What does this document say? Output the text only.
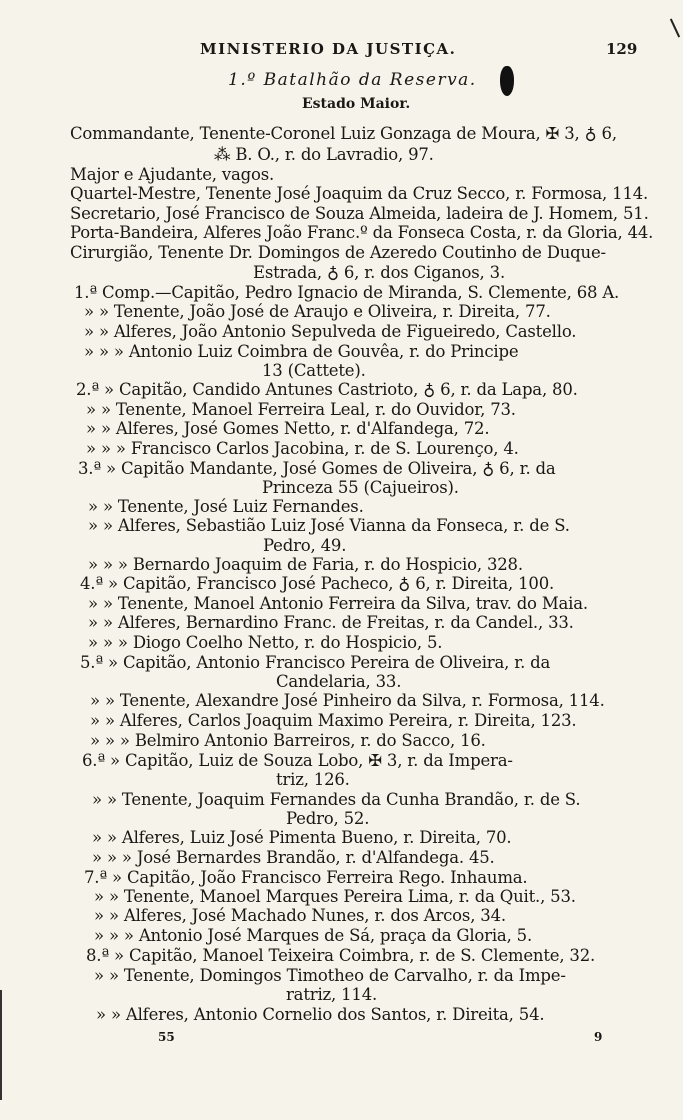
MINISTERIO DA JUSTIÇA.	129
1.º Batalhão da Reserva.
Estado Maior.
Commandante, Tenente-Coronel Luiz Gonzaga de Moura, ✠ 3, ♁ 6,
⁂ B. O., r. do Lavradio, 97.
Major e Ajudante, vagos.
Quartel-Mestre, Tenente José Joaquim da Cruz Secco, r. Formosa, 114.
Secretario, José Francisco de Souza Almeida, ladeira de J. Homem, 51.
Porta-Bandeira, Alferes João Franc.º da Fonseca Costa, r. da Gloria, 44.
Cirurgião, Tenente Dr. Domingos de Azeredo Coutinho de Duque-
Estrada, ♁ 6, r. dos Ciganos, 3.
1.ª Comp.—Capitão, Pedro Ignacio de Miranda, S. Clemente, 68 A.
» » Tenente, João José de Araujo e Oliveira, r. Direita, 77.
» » Alferes, João Antonio Sepulveda de Figueiredo, Castello.
» » » Antonio Luiz Coimbra de Gouvêa, r. do Principe
13 (Cattete).
2.ª » Capitão, Candido Antunes Castrioto, ♁ 6, r. da Lapa, 80.
» » Tenente, Manoel Ferreira Leal, r. do Ouvidor, 73.
» » Alferes, José Gomes Netto, r. d'Alfandega, 72.
» » » Francisco Carlos Jacobina, r. de S. Lourenço, 4.
3.ª » Capitão Mandante, José Gomes de Oliveira, ♁ 6, r. da
Princeza 55 (Cajueiros).
» » Tenente, José Luiz Fernandes.
» » Alferes, Sebastião Luiz José Vianna da Fonseca, r. de S.
Pedro, 49.
» » » Bernardo Joaquim de Faria, r. do Hospicio, 328.
4.ª » Capitão, Francisco José Pacheco, ♁ 6, r. Direita, 100.
» » Tenente, Manoel Antonio Ferreira da Silva, trav. do Maia.
» » Alferes, Bernardino Franc. de Freitas, r. da Candel., 33.
» » » Diogo Coelho Netto, r. do Hospicio, 5.
5.ª » Capitão, Antonio Francisco Pereira de Oliveira, r. da
Candelaria, 33.
» » Tenente, Alexandre José Pinheiro da Silva, r. Formosa, 114.
» » Alferes, Carlos Joaquim Maximo Pereira, r. Direita, 123.
» » » Belmiro Antonio Barreiros, r. do Sacco, 16.
6.ª » Capitão, Luiz de Souza Lobo, ✠ 3, r. da Impera-
triz, 126.
» » Tenente, Joaquim Fernandes da Cunha Brandão, r. de S.
Pedro, 52.
» » Alferes, Luiz José Pimenta Bueno, r. Direita, 70.
» » » José Bernardes Brandão, r. d'Alfandega. 45.
7.ª » Capitão, João Francisco Ferreira Rego. Inhauma.
» » Tenente, Manoel Marques Pereira Lima, r. da Quit., 53.
» » Alferes, José Machado Nunes, r. dos Arcos, 34.
» » » Antonio José Marques de Sá, praça da Gloria, 5.
8.ª » Capitão, Manoel Teixeira Coimbra, r. de S. Clemente, 32.
» » Tenente, Domingos Timotheo de Carvalho, r. da Impe-
ratriz, 114.
» » Alferes, Antonio Cornelio dos Santos, r. Direita, 54.
55	9
